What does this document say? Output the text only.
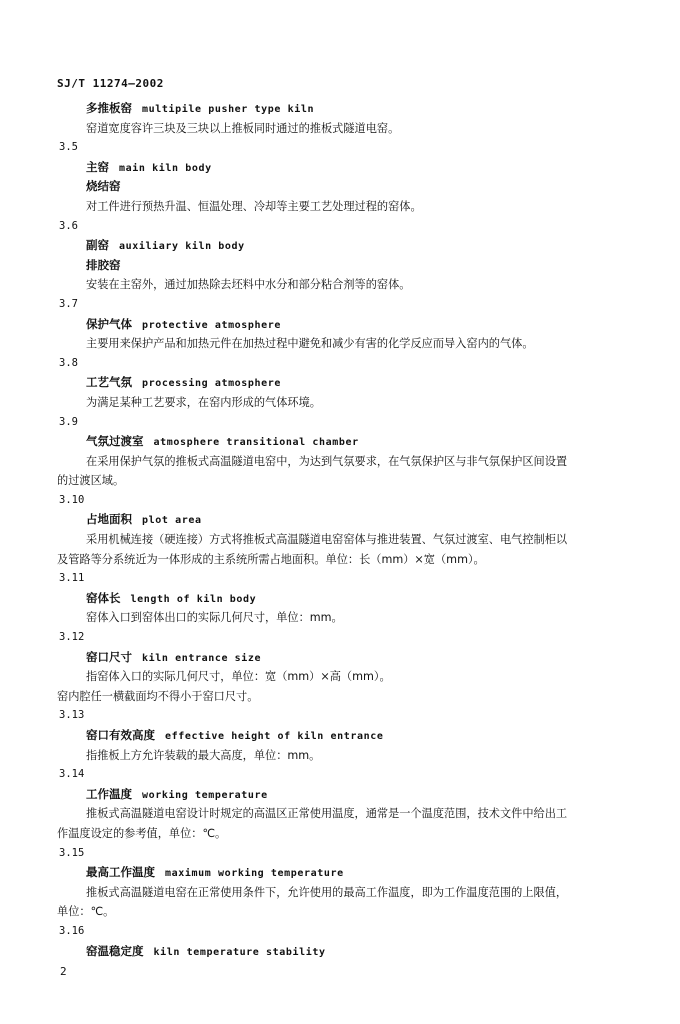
SJ/T 11274—2002
多推板窑 multipile pusher type kiln
窑道宽度容许三块及三块以上推板同时通过的推板式隧道电窑。
3.5
主窑 main kiln body
烧结窑
对工件进行预热升温、恒温处理、冷却等主要工艺处理过程的窑体。
3.6
副窑 auxiliary kiln body
排胶窑
安装在主窑外，通过加热除去坯料中水分和部分粘合剂等的窑体。
3.7
保护气体 protective atmosphere
主要用来保护产品和加热元件在加热过程中避免和减少有害的化学反应而导入窑内的气体。
3.8
工艺气氛 processing atmosphere
为满足某种工艺要求，在窑内形成的气体环境。
3.9
气氛过渡室 atmosphere transitional chamber
在采用保护气氛的推板式高温隧道电窑中，为达到气氛要求，在气氛保护区与非气氛保护区间设置
的过渡区域。
3.10
占地面积 plot area
采用机械连接（硬连接）方式将推板式高温隧道电窑窑体与推进装置、气氛过渡室、电气控制柜以
及管路等分系统近为一体形成的主系统所需占地面积。单位：长（mm）×宽（mm）。
3.11
窑体长 length of kiln body
窑体入口到窑体出口的实际几何尺寸，单位：mm。
3.12
窑口尺寸 kiln entrance size
指窑体入口的实际几何尺寸，单位：宽（mm）×高（mm）。
窑内腔任一横截面均不得小于窑口尺寸。
3.13
窑口有效高度 effective height of kiln entrance
指推板上方允许装载的最大高度，单位：mm。
3.14
工作温度 working temperature
推板式高温隧道电窑设计时规定的高温区正常使用温度，通常是一个温度范围，技术文件中给出工
作温度设定的参考值，单位：℃。
3.15
最高工作温度 maximum working temperature
推板式高温隧道电窑在正常使用条件下，允许使用的最高工作温度，即为工作温度范围的上限值，
单位：℃。
3.16
窑温稳定度 kiln temperature stability
2
